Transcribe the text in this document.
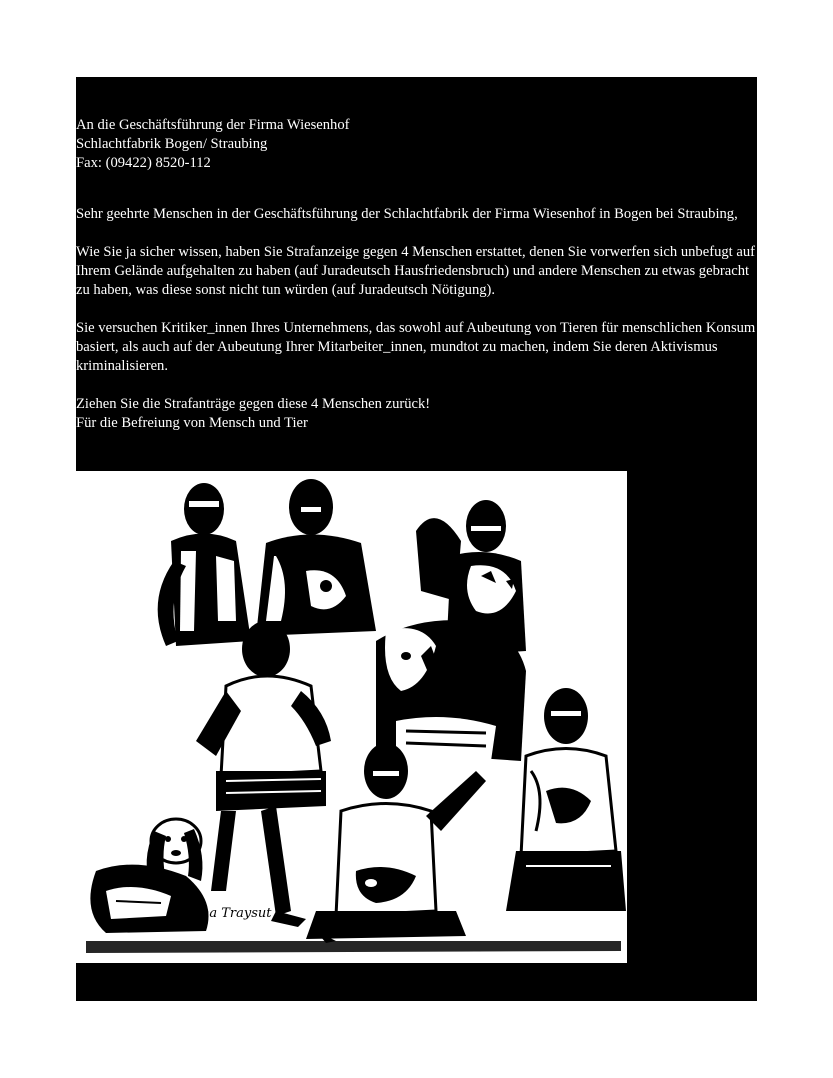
An die Geschäftsführung der Firma Wiesenhof

Schlachtfabrik Bogen/ Straubing

Fax: (09422) 8520-112

Sehr geehrte Menschen in der Geschäftsführung der Schlachtfabrik der Firma Wiesenhof in Bogen bei Straubing,

Wie Sie ja sicher wissen, haben Sie Strafanzeige gegen 4 Menschen erstattet, denen Sie vorwerfen sich unbefugt auf Ihrem Gelände aufgehalten zu haben (auf Juradeutsch Hausfriedensbruch) und andere Menschen zu etwas gebracht zu haben, was diese sonst nicht tun würden (auf Juradeutsch Nötigung).

Sie versuchen Kritiker_innen Ihres Unternehmens, das sowohl auf Aubeutung von Tieren für menschlichen Konsum basiert, als auch auf der Aubeutung Ihrer Mitarbeiter_innen, mundtot zu machen, indem Sie deren Aktivismus kriminalisieren.

Ziehen Sie die Strafanträge gegen diese 4 Menschen zurück!

Für die Befreiung von Mensch und Tier

Jana Traysut
